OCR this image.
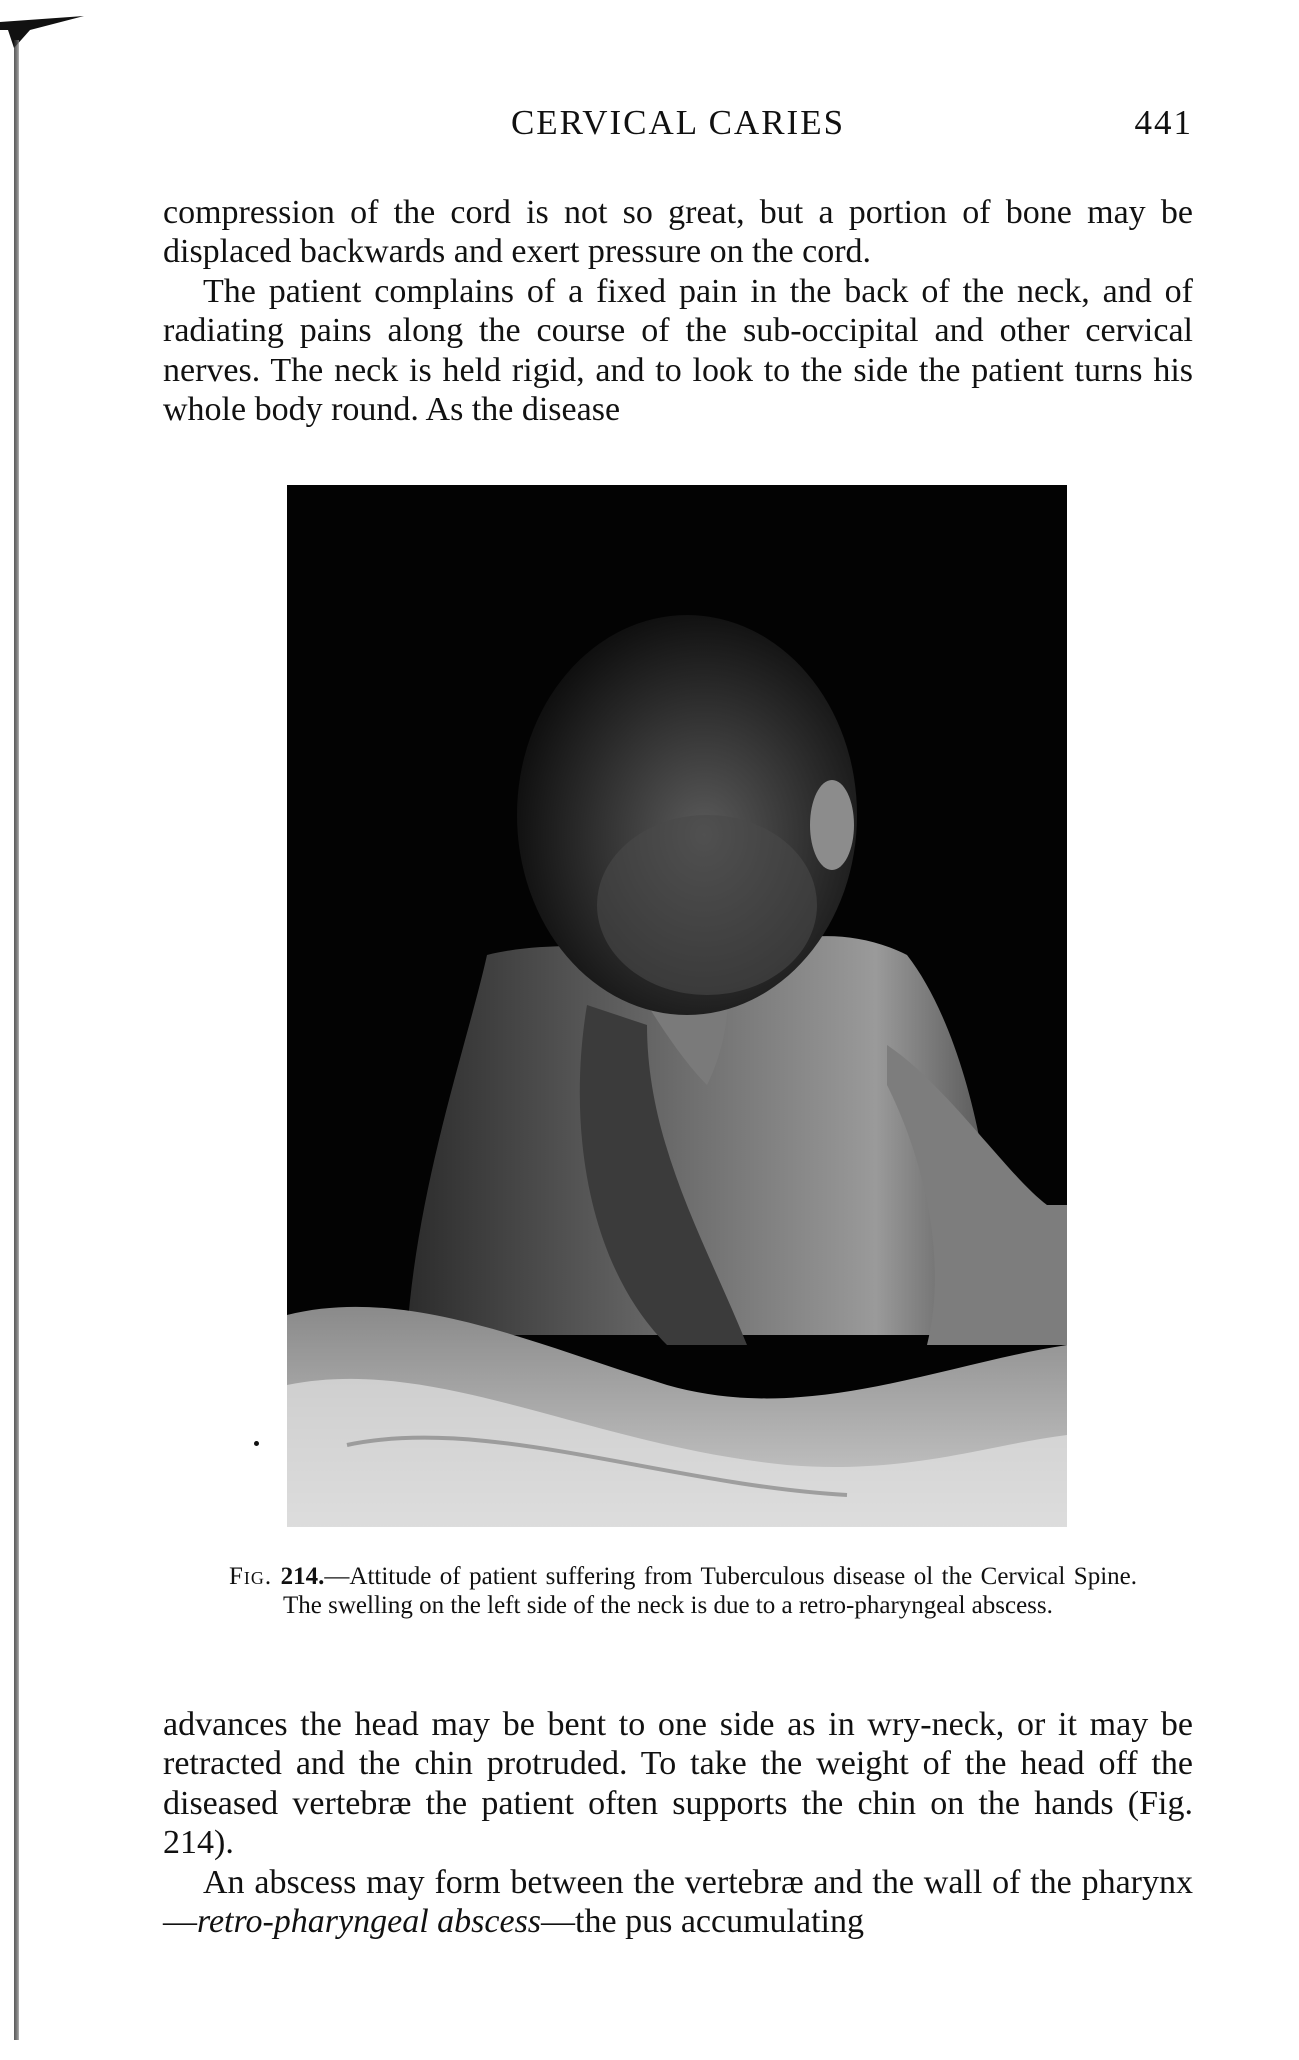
CERVICAL CARIES	441

compression of the cord is not so great, but a portion of bone may be displaced backwards and exert pressure on the cord.

The patient complains of a fixed pain in the back of the neck, and of radiating pains along the course of the sub-occipital and other cervical nerves. The neck is held rigid, and to look to the side the patient turns his whole body round. As the disease

Fig. 214.—Attitude of patient suffering from Tuberculous disease ol the Cervical Spine. The swelling on the left side of the neck is due to a retro-pharyngeal abscess.

advances the head may be bent to one side as in wry-neck, or it may be retracted and the chin protruded. To take the weight of the head off the diseased vertebræ the patient often supports the chin on the hands (Fig. 214).

An abscess may form between the vertebræ and the wall of the pharynx—retro-pharyngeal abscess—the pus accumulating
